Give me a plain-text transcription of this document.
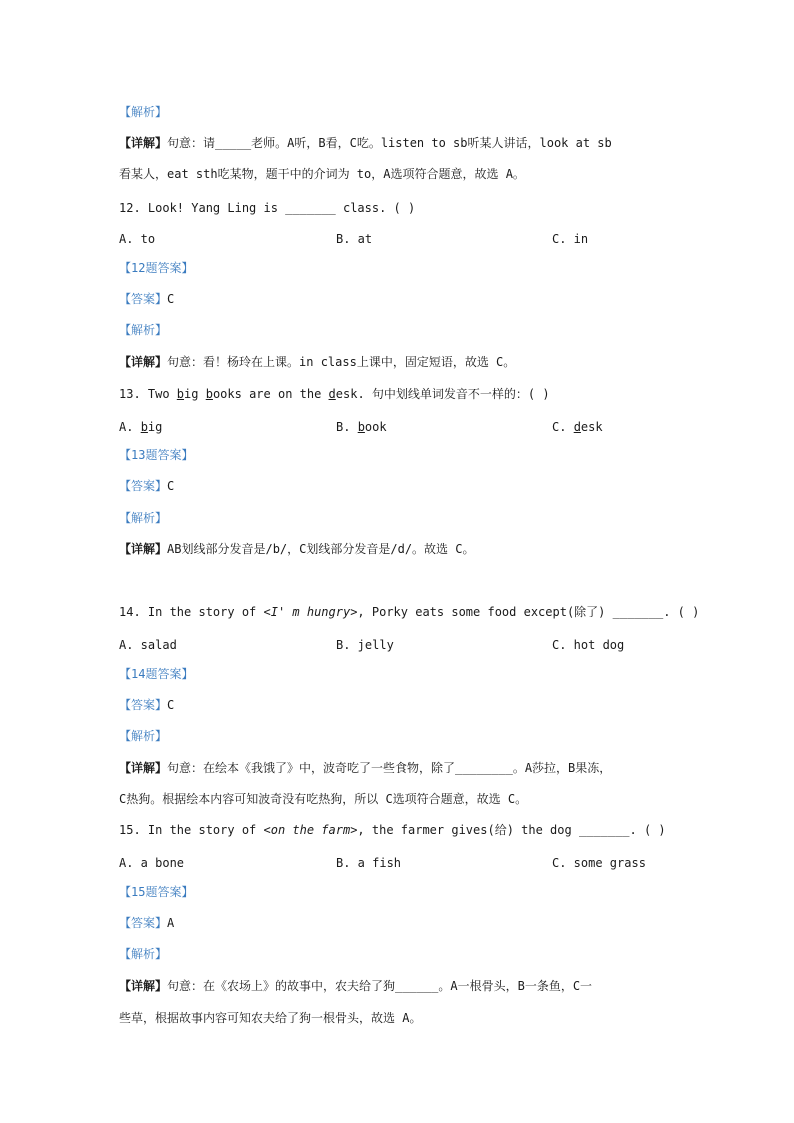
【解析】
【详解】句意：请_____老师。A听，B看，C吃。listen to sb听某人讲话，look at sb
看某人，eat sth吃某物，题干中的介词为 to，A选项符合题意，故选 A。
12. Look! Yang Ling is _______ class. ( )
A. to	B. at	C. in
【12题答案】
【答案】C
【解析】
【详解】句意：看！杨玲在上课。in class上课中，固定短语，故选 C。
13. Two big books are on the desk. 句中划线单词发音不一样的：( )
A. big	B. book	C. desk
【13题答案】
【答案】C
【解析】
【详解】AB划线部分发音是/b/，C划线部分发音是/d/。故选 C。
14. In the story of <I' m hungry>, Porky eats some food except(除了) _______. ( )
A. salad	B. jelly	C. hot dog
【14题答案】
【答案】C
【解析】
【详解】句意：在绘本《我饿了》中，波奇吃了一些食物，除了________。A莎拉，B果冻，
C热狗。根据绘本内容可知波奇没有吃热狗，所以 C选项符合题意，故选 C。
15. In the story of <on the farm>, the farmer gives(给) the dog _______. ( )
A. a bone	B. a fish	C. some grass
【15题答案】
【答案】A
【解析】
【详解】句意：在《农场上》的故事中，农夫给了狗______。A一根骨头，B一条鱼，C一
些草，根据故事内容可知农夫给了狗一根骨头，故选 A。
